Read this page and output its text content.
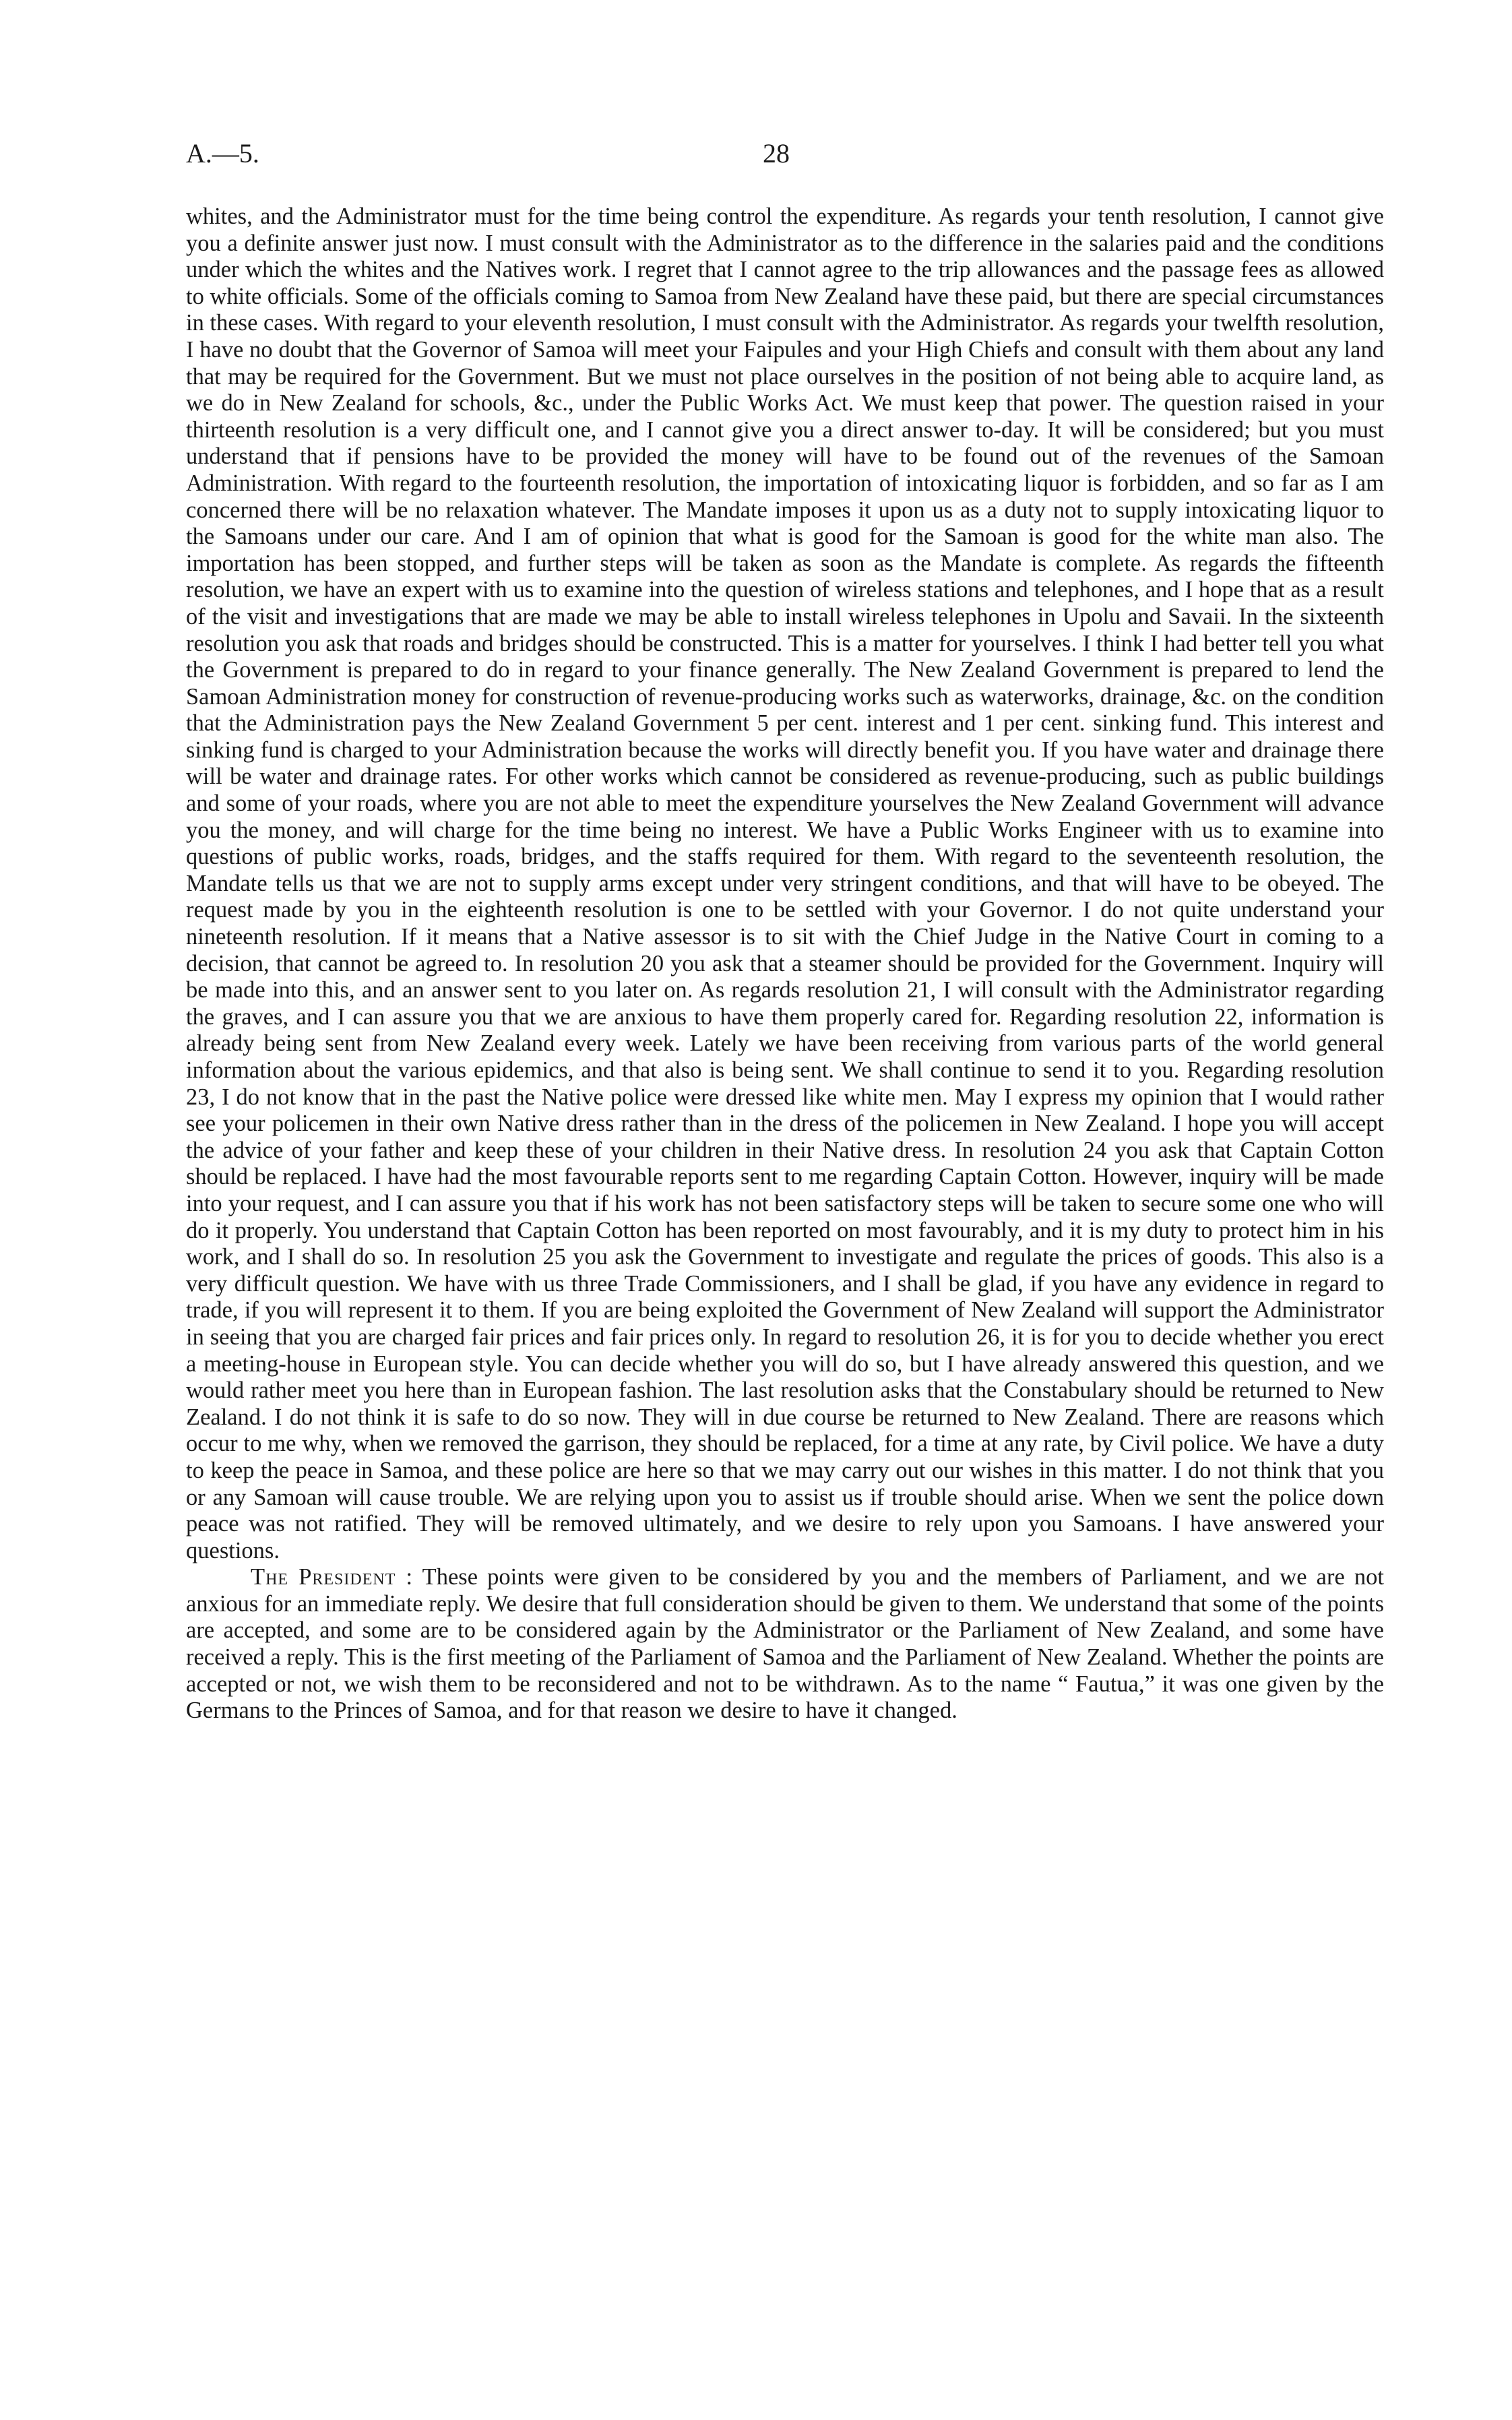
A.—5.	28

whites, and the Administrator must for the time being control the expenditure. As regards your tenth resolution, I cannot give you a definite answer just now. I must consult with the Administrator as to the difference in the salaries paid and the conditions under which the whites and the Natives work. I regret that I cannot agree to the trip allowances and the passage fees as allowed to white officials. Some of the officials coming to Samoa from New Zealand have these paid, but there are special circumstances in these cases. With regard to your eleventh resolution, I must consult with the Administrator. As regards your twelfth resolution, I have no doubt that the Governor of Samoa will meet your Faipules and your High Chiefs and consult with them about any land that may be required for the Government. But we must not place ourselves in the position of not being able to acquire land, as we do in New Zealand for schools, &c., under the Public Works Act. We must keep that power. The question raised in your thirteenth resolution is a very difficult one, and I cannot give you a direct answer to-day. It will be considered; but you must understand that if pensions have to be provided the money will have to be found out of the revenues of the Samoan Administration. With regard to the fourteenth resolution, the importation of intoxicating liquor is forbidden, and so far as I am concerned there will be no relaxation whatever. The Mandate imposes it upon us as a duty not to supply intoxicating liquor to the Samoans under our care. And I am of opinion that what is good for the Samoan is good for the white man also. The importation has been stopped, and further steps will be taken as soon as the Mandate is complete. As regards the fifteenth resolution, we have an expert with us to examine into the question of wireless stations and telephones, and I hope that as a result of the visit and investigations that are made we may be able to install wireless telephones in Upolu and Savaii. In the sixteenth resolution you ask that roads and bridges should be constructed. This is a matter for yourselves. I think I had better tell you what the Government is prepared to do in regard to your finance generally. The New Zealand Government is prepared to lend the Samoan Administration money for construction of revenue-producing works such as waterworks, drainage, &c. on the condition that the Administration pays the New Zealand Government 5 per cent. interest and 1 per cent. sinking fund. This interest and sinking fund is charged to your Administration because the works will directly benefit you. If you have water and drainage there will be water and drainage rates. For other works which cannot be considered as revenue-producing, such as public buildings and some of your roads, where you are not able to meet the expenditure yourselves the New Zealand Government will advance you the money, and will charge for the time being no interest. We have a Public Works Engineer with us to examine into questions of public works, roads, bridges, and the staffs required for them. With regard to the seventeenth resolution, the Mandate tells us that we are not to supply arms except under very stringent conditions, and that will have to be obeyed. The request made by you in the eighteenth resolution is one to be settled with your Governor. I do not quite understand your nineteenth resolution. If it means that a Native assessor is to sit with the Chief Judge in the Native Court in coming to a decision, that cannot be agreed to. In resolution 20 you ask that a steamer should be provided for the Government. Inquiry will be made into this, and an answer sent to you later on. As regards resolution 21, I will consult with the Administrator regarding the graves, and I can assure you that we are anxious to have them properly cared for. Regarding resolution 22, information is already being sent from New Zealand every week. Lately we have been receiving from various parts of the world general information about the various epidemics, and that also is being sent. We shall continue to send it to you. Regarding resolution 23, I do not know that in the past the Native police were dressed like white men. May I express my opinion that I would rather see your policemen in their own Native dress rather than in the dress of the policemen in New Zealand. I hope you will accept the advice of your father and keep these of your children in their Native dress. In resolution 24 you ask that Captain Cotton should be replaced. I have had the most favourable reports sent to me regarding Captain Cotton. However, inquiry will be made into your request, and I can assure you that if his work has not been satisfactory steps will be taken to secure some one who will do it properly. You understand that Captain Cotton has been reported on most favourably, and it is my duty to protect him in his work, and I shall do so. In resolution 25 you ask the Government to investigate and regulate the prices of goods. This also is a very difficult question. We have with us three Trade Commissioners, and I shall be glad, if you have any evidence in regard to trade, if you will represent it to them. If you are being exploited the Government of New Zealand will support the Administrator in seeing that you are charged fair prices and fair prices only. In regard to resolution 26, it is for you to decide whether you erect a meeting-house in European style. You can decide whether you will do so, but I have already answered this question, and we would rather meet you here than in European fashion. The last resolution asks that the Constabulary should be returned to New Zealand. I do not think it is safe to do so now. They will in due course be returned to New Zealand. There are reasons which occur to me why, when we removed the garrison, they should be replaced, for a time at any rate, by Civil police. We have a duty to keep the peace in Samoa, and these police are here so that we may carry out our wishes in this matter. I do not think that you or any Samoan will cause trouble. We are relying upon you to assist us if trouble should arise. When we sent the police down peace was not ratified. They will be removed ultimately, and we desire to rely upon you Samoans. I have answered your questions.

The President : These points were given to be considered by you and the members of Parliament, and we are not anxious for an immediate reply. We desire that full consideration should be given to them. We understand that some of the points are accepted, and some are to be considered again by the Administrator or the Parliament of New Zealand, and some have received a reply. This is the first meeting of the Parliament of Samoa and the Parliament of New Zealand. Whether the points are accepted or not, we wish them to be reconsidered and not to be withdrawn. As to the name “ Fautua,” it was one given by the Germans to the Princes of Samoa, and for that reason we desire to have it changed.
